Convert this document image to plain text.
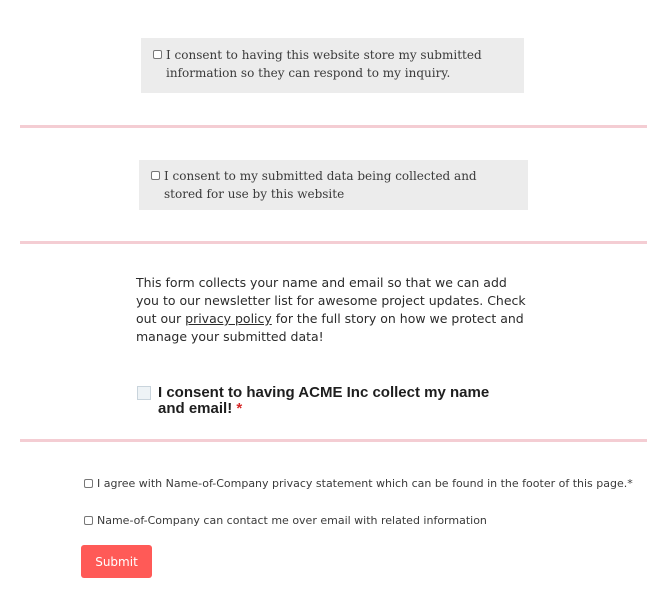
I consent to having this website store my submitted information so they can respond to my inquiry.
I consent to my submitted data being collected and stored for use by this website
This form collects your name and email so that we can add you to our newsletter list for awesome project updates. Check out our privacy policy for the full story on how we protect and manage your submitted data!
I consent to having ACME Inc collect my name and email! *
I agree with Name-of-Company privacy statement which can be found in the footer of this page.*
Name-of-Company can contact me over email with related information
Submit
